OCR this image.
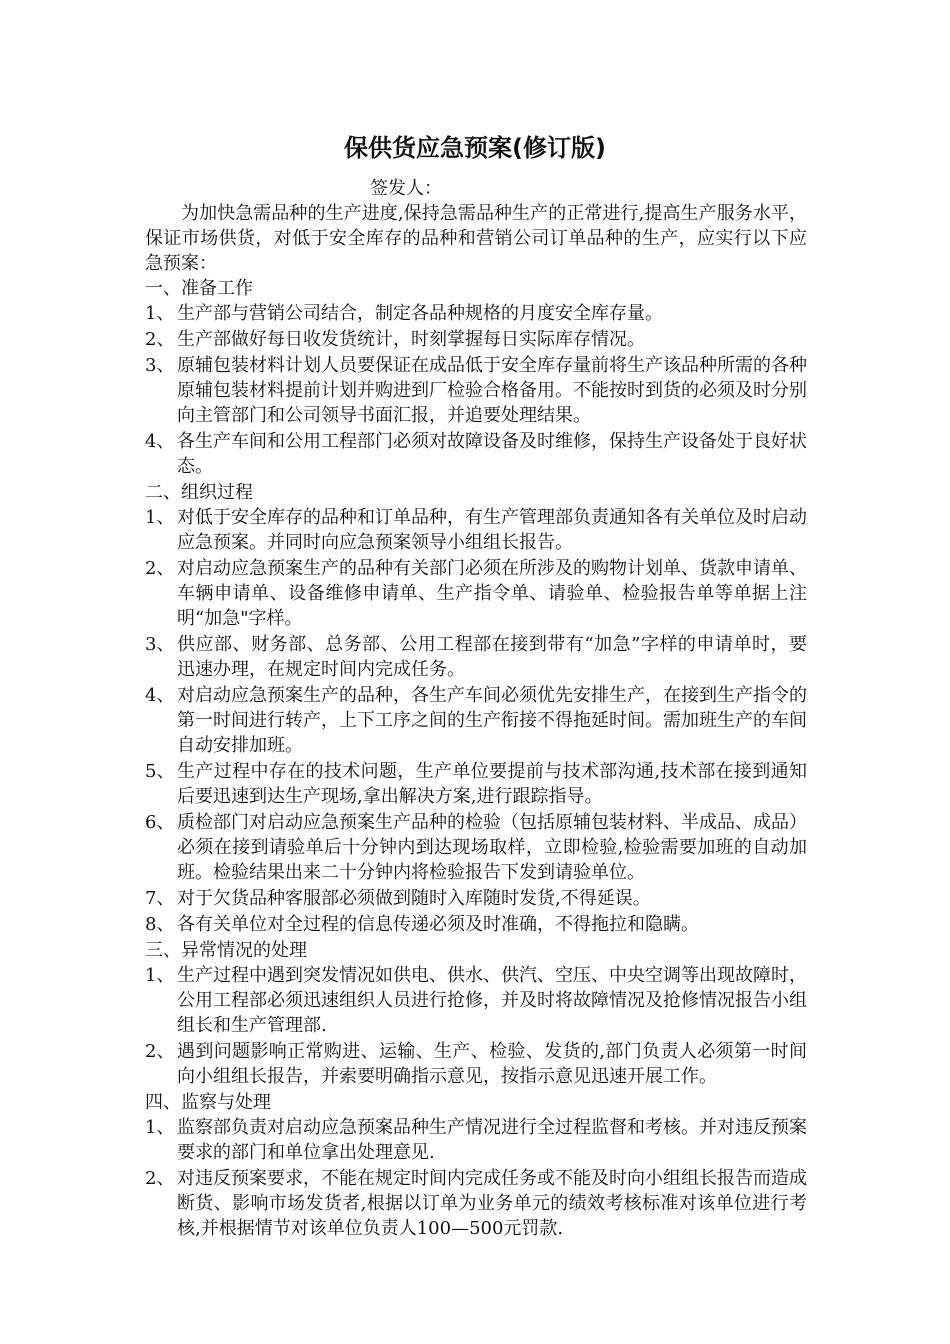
保供货应急预案(修订版)
签发人：

为加快急需品种的生产进度,保持急需品种生产的正常进行,提高生产服务水平，保证市场供货，对低于安全库存的品种和营销公司订单品种的生产，应实行以下应急预案：

一、准备工作
1、 生产部与营销公司结合，制定各品种规格的月度安全库存量。
2、 生产部做好每日收发货统计，时刻掌握每日实际库存情况。
3、 原辅包装材料计划人员要保证在成品低于安全库存量前将生产该品种所需的各种原辅包装材料提前计划并购进到厂检验合格备用。不能按时到货的必须及时分别向主管部门和公司领导书面汇报，并追要处理结果。
4、 各生产车间和公用工程部门必须对故障设备及时维修，保持生产设备处于良好状态。
二、组织过程
1、 对低于安全库存的品种和订单品种，有生产管理部负责通知各有关单位及时启动应急预案。并同时向应急预案领导小组组长报告。
2、 对启动应急预案生产的品种有关部门必须在所涉及的购物计划单、货款申请单、车辆申请单、设备维修申请单、生产指令单、请验单、检验报告单等单据上注明“加急"字样。
3、 供应部、财务部、总务部、公用工程部在接到带有“加急”字样的申请单时，要迅速办理，在规定时间内完成任务。
4、 对启动应急预案生产的品种，各生产车间必须优先安排生产，在接到生产指令的第一时间进行转产，上下工序之间的生产衔接不得拖延时间。需加班生产的车间自动安排加班。
5、 生产过程中存在的技术问题，生产单位要提前与技术部沟通,技术部在接到通知后要迅速到达生产现场,拿出解决方案,进行跟踪指导。
6、 质检部门对启动应急预案生产品种的检验（包括原辅包装材料、半成品、成品）必须在接到请验单后十分钟内到达现场取样，立即检验,检验需要加班的自动加班。检验结果出来二十分钟内将检验报告下发到请验单位。
7、 对于欠货品种客服部必须做到随时入库随时发货,不得延误。
8、 各有关单位对全过程的信息传递必须及时准确，不得拖拉和隐瞒。
三、异常情况的处理
1、 生产过程中遇到突发情况如供电、供水、供汽、空压、中央空调等出现故障时，公用工程部必须迅速组织人员进行抢修，并及时将故障情况及抢修情况报告小组组长和生产管理部.
2、 遇到问题影响正常购进、运输、生产、检验、发货的,部门负责人必须第一时间向小组组长报告，并索要明确指示意见，按指示意见迅速开展工作。
四、监察与处理
1、 监察部负责对启动应急预案品种生产情况进行全过程监督和考核。并对违反预案要求的部门和单位拿出处理意见.
2、 对违反预案要求，不能在规定时间内完成任务或不能及时向小组组长报告而造成断货、影响市场发货者,根据以订单为业务单元的绩效考核标准对该单位进行考核,并根据情节对该单位负责人100—500元罚款.
